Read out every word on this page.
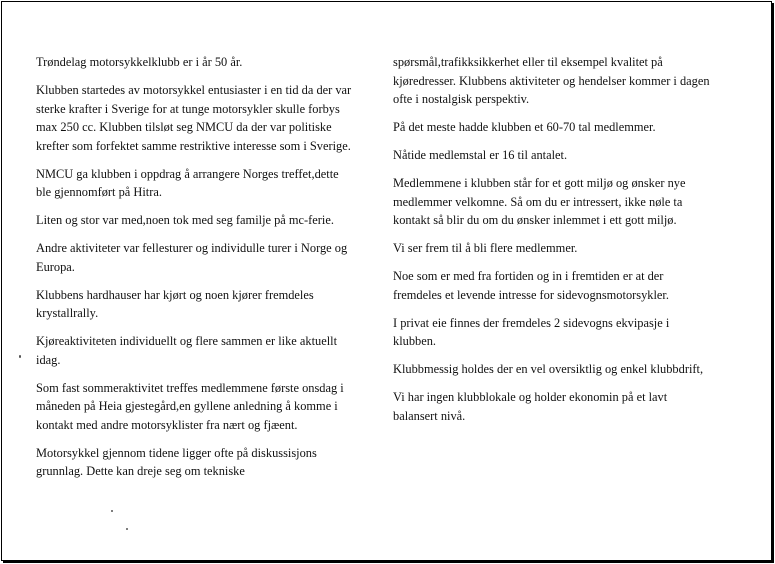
Trøndelag motorsykkelklubb er i år 50 år.

Klubben startedes av motorsykkel entusiaster i en tid da der var
sterke krafter i Sverige for at tunge motorsykler skulle forbys
max 250 cc. Klubben tilsløt seg NMCU da der var politiske
krefter som forfektet samme restriktive interesse som i Sverige.

NMCU ga klubben i oppdrag å arrangere Norges treffet,dette
ble gjennomført på Hitra.

Liten og stor var med,noen tok med seg familje på mc-ferie.

Andre aktiviteter var fellesturer og individulle turer i Norge og
Europa.

Klubbens hardhauser har kjørt og noen kjører fremdeles
krystallrally.

Kjøreaktiviteten individuellt og flere sammen er like aktuellt
idag.

Som fast sommeraktivitet treffes medlemmene første onsdag i
måneden på Heia gjestegård,en gyllene anledning å komme i
kontakt med andre motorsyklister fra nært og fjæent.

Motorsykkel gjennom tidene ligger ofte på diskussisjons
grunnlag. Dette kan dreje seg om tekniske

spørsmål,trafikksikkerhet eller til eksempel kvalitet på
kjøredresser. Klubbens aktiviteter og hendelser kommer i dagen
ofte i nostalgisk perspektiv.

På det meste hadde klubben et 60-70 tal medlemmer.

Nåtide medlemstal er 16 til antalet.

Medlemmene i klubben står for et gott miljø og ønsker nye
medlemmer velkomne. Så om du er intressert, ikke nøle ta
kontakt så blir du om du ønsker inlemmet i ett gott miljø.

Vi ser frem til å bli flere medlemmer.

Noe som er med fra fortiden og in i fremtiden er at der
fremdeles et levende intresse for sidevognsmotorsykler.

I privat eie finnes der fremdeles 2 sidevogns ekvipasje i
klubben.

Klubbmessig holdes der en vel oversiktlig og enkel klubbdrift,

Vi har ingen klubblokale og holder ekonomin på et lavt
balansert nivå.
